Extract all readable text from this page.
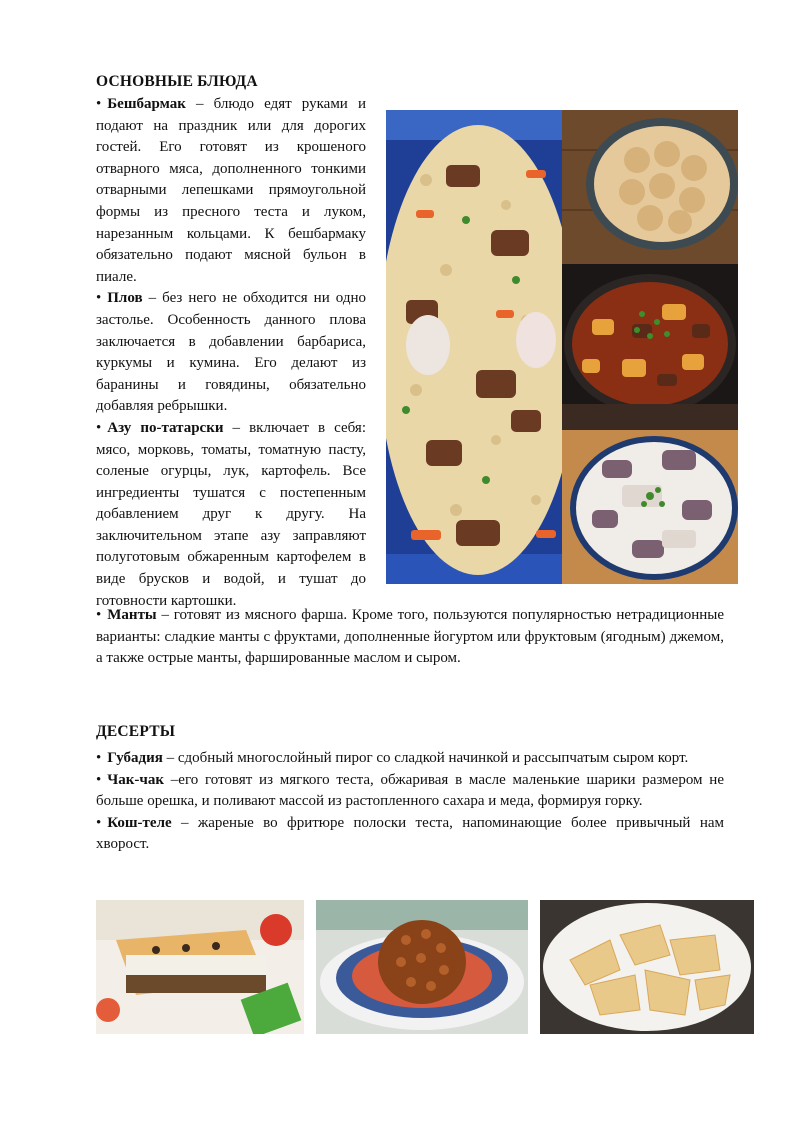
ОСНОВНЫЕ БЛЮДА

• Бешбармак – блюдо едят руками и подают на праздник или для дорогих гостей. Его готовят из крошеного отварного мяса, дополненного тонкими отварными лепешками прямоугольной формы из пресного теста и луком, нарезанным кольцами. К бешбармаку обязательно подают мясной бульон в пиале.

• Плов – без него не обходится ни одно застолье. Особенность данного плова заключается в добавлении барбариса, куркумы и кумина. Его делают из баранины и говядины, обязательно добавляя ребрышки.

• Азу по-татарски – включает в себя: мясо, морковь, томаты, томатную пасту, соленые огурцы, лук, картофель. Все ингредиенты тушатся с постепенным добавлением друг к другу. На заключительном этапе азу заправляют полуготовым обжаренным картофелем в виде брусков и водой, и тушат до готовности картошки.

• Манты – готовят из мясного фарша. Кроме того, пользуются популярностью нетрадиционные варианты: сладкие манты с фруктами, дополненные йогуртом или фруктовым (ягодным) джемом, а также острые манты, фаршированные маслом и сыром.

ДЕСЕРТЫ

• Губадия – сдобный многослойный пирог со сладкой начинкой и рассыпчатым сыром корт.

• Чак-чак –его готовят из мягкого теста, обжаривая в масле маленькие шарики размером не больше орешка, и поливают массой из растопленного сахара и меда, формируя горку.

• Кош-теле – жареные во фритюре полоски теста, напоминающие более привычный нам хворост.
